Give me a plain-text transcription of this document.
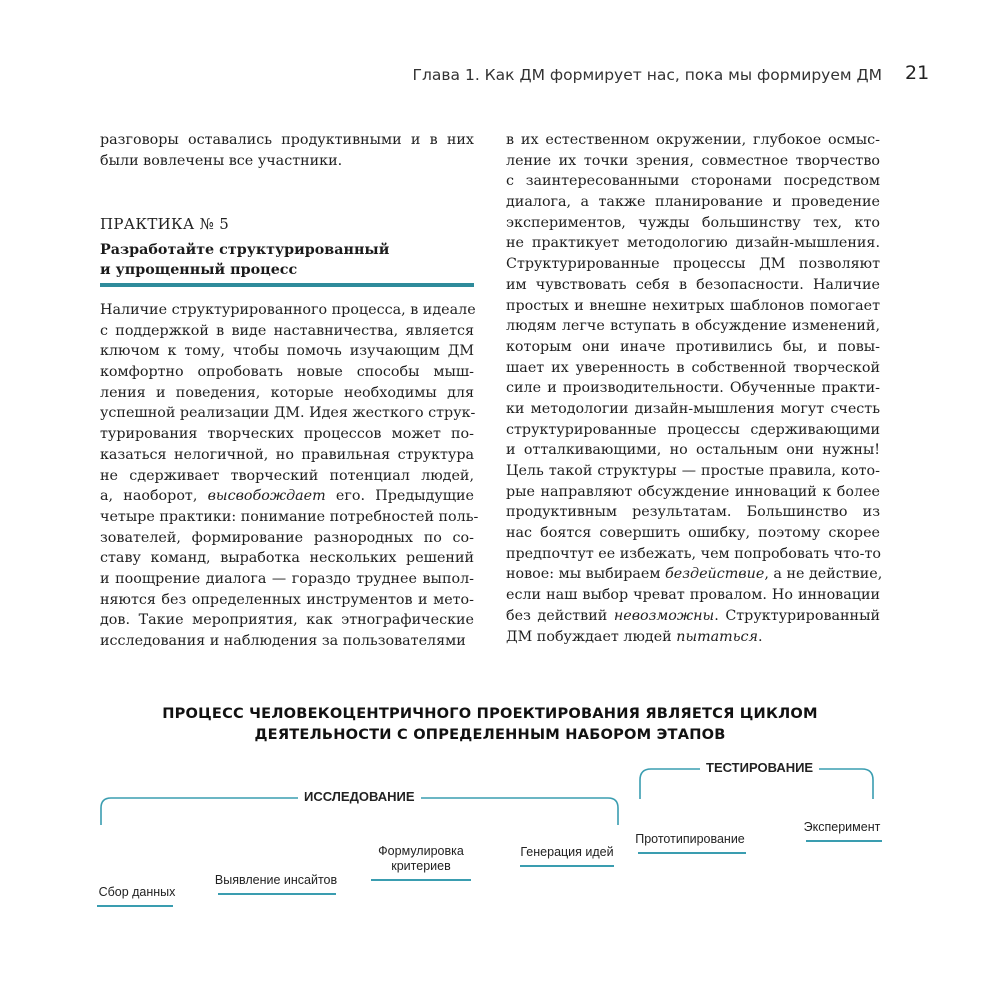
Глава 1. Как ДМ формирует нас, пока мы формируем ДМ 21
разговоры оставались продуктивными и в них
были вовлечены все участники.
ПРАКТИКА № 5
Разработайте структурированный
и упрощенный процесс
Наличие структурированного процесса, в идеале
с поддержкой в виде наставничества, является
ключом к тому, чтобы помочь изучающим ДМ
комфортно опробовать новые способы мыш-
ления и поведения, которые необходимы для
успешной реализации ДМ. Идея жесткого струк-
турирования творческих процессов может по-
казаться нелогичной, но правильная структура
не сдерживает творческий потенциал людей,
а, наоборот, высвобождает его. Предыдущие
четыре практики: понимание потребностей поль-
зователей, формирование разнородных по со-
ставу команд, выработка нескольких решений
и поощрение диалога — гораздо труднее выпол-
няются без определенных инструментов и мето-
дов. Такие мероприятия, как этнографические
исследования и наблюдения за пользователями
в их естественном окружении, глубокое осмыс-
ление их точки зрения, совместное творчество
с заинтересованными сторонами посредством
диалога, а также планирование и проведение
экспериментов, чужды большинству тех, кто
не практикует методологию дизайн-мышления.
Структурированные процессы ДМ позволяют
им чувствовать себя в безопасности. Наличие
простых и внешне нехитрых шаблонов помогает
людям легче вступать в обсуждение изменений,
которым они иначе противились бы, и повы-
шает их уверенность в собственной творческой
силе и производительности. Обученные практи-
ки методологии дизайн-мышления могут счесть
структурированные процессы сдерживающими
и отталкивающими, но остальным они нужны!
Цель такой структуры — простые правила, кото-
рые направляют обсуждение инноваций к более
продуктивным результатам. Большинство из
нас боятся совершить ошибку, поэтому скорее
предпочтут ее избежать, чем попробовать что-то
новое: мы выбираем бездействие, а не действие,
если наш выбор чреват провалом. Но инновации
без действий невозможны. Структурированный
ДМ побуждает людей пытаться.
ПРОЦЕСС ЧЕЛОВЕКОЦЕНТРИЧНОГО ПРОЕКТИРОВАНИЯ ЯВЛЯЕТСЯ ЦИКЛОМ
ДЕЯТЕЛЬНОСТИ С ОПРЕДЕЛЕННЫМ НАБОРОМ ЭТАПОВ
ИССЛЕДОВАНИЕ
ТЕСТИРОВАНИЕ
Сбор данных
Выявление инсайтов
Формулировка критериев
Генерация идей
Прототипирование
Эксперимент
